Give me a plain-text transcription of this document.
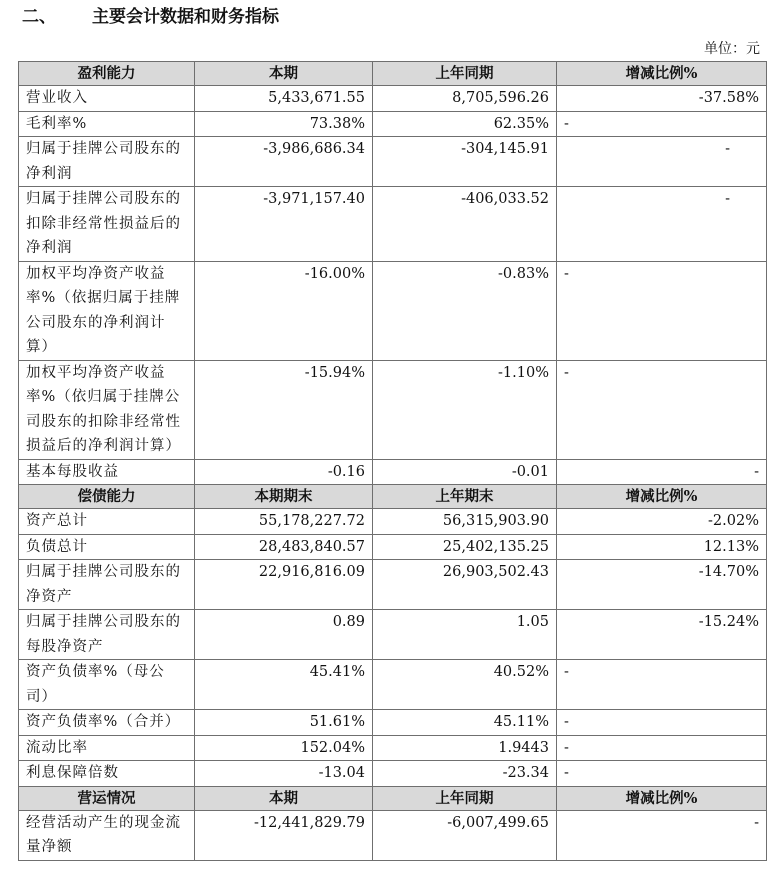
二、 主要会计数据和财务指标
单位：元
盈利能力	本期	上年同期	增减比例%
营业收入	5,433,671.55	8,705,596.26	-37.58%
毛利率%	73.38%	62.35%	-
归属于挂牌公司股东的净利润	-3,986,686.34	-304,145.91	-
归属于挂牌公司股东的扣除非经常性损益后的净利润	-3,971,157.40	-406,033.52	-
加权平均净资产收益率%（依据归属于挂牌公司股东的净利润计算）	-16.00%	-0.83%	-
加权平均净资产收益率%（依归属于挂牌公司股东的扣除非经常性损益后的净利润计算）	-15.94%	-1.10%	-
基本每股收益	-0.16	-0.01	-
偿债能力	本期期末	上年期末	增减比例%
资产总计	55,178,227.72	56,315,903.90	-2.02%
负债总计	28,483,840.57	25,402,135.25	12.13%
归属于挂牌公司股东的净资产	22,916,816.09	26,903,502.43	-14.70%
归属于挂牌公司股东的每股净资产	0.89	1.05	-15.24%
资产负债率%（母公司）	45.41%	40.52%	-
资产负债率%（合并）	51.61%	45.11%	-
流动比率	152.04%	1.9443	-
利息保障倍数	-13.04	-23.34	-
营运情况	本期	上年同期	增减比例%
经营活动产生的现金流量净额	-12,441,829.79	-6,007,499.65	-
